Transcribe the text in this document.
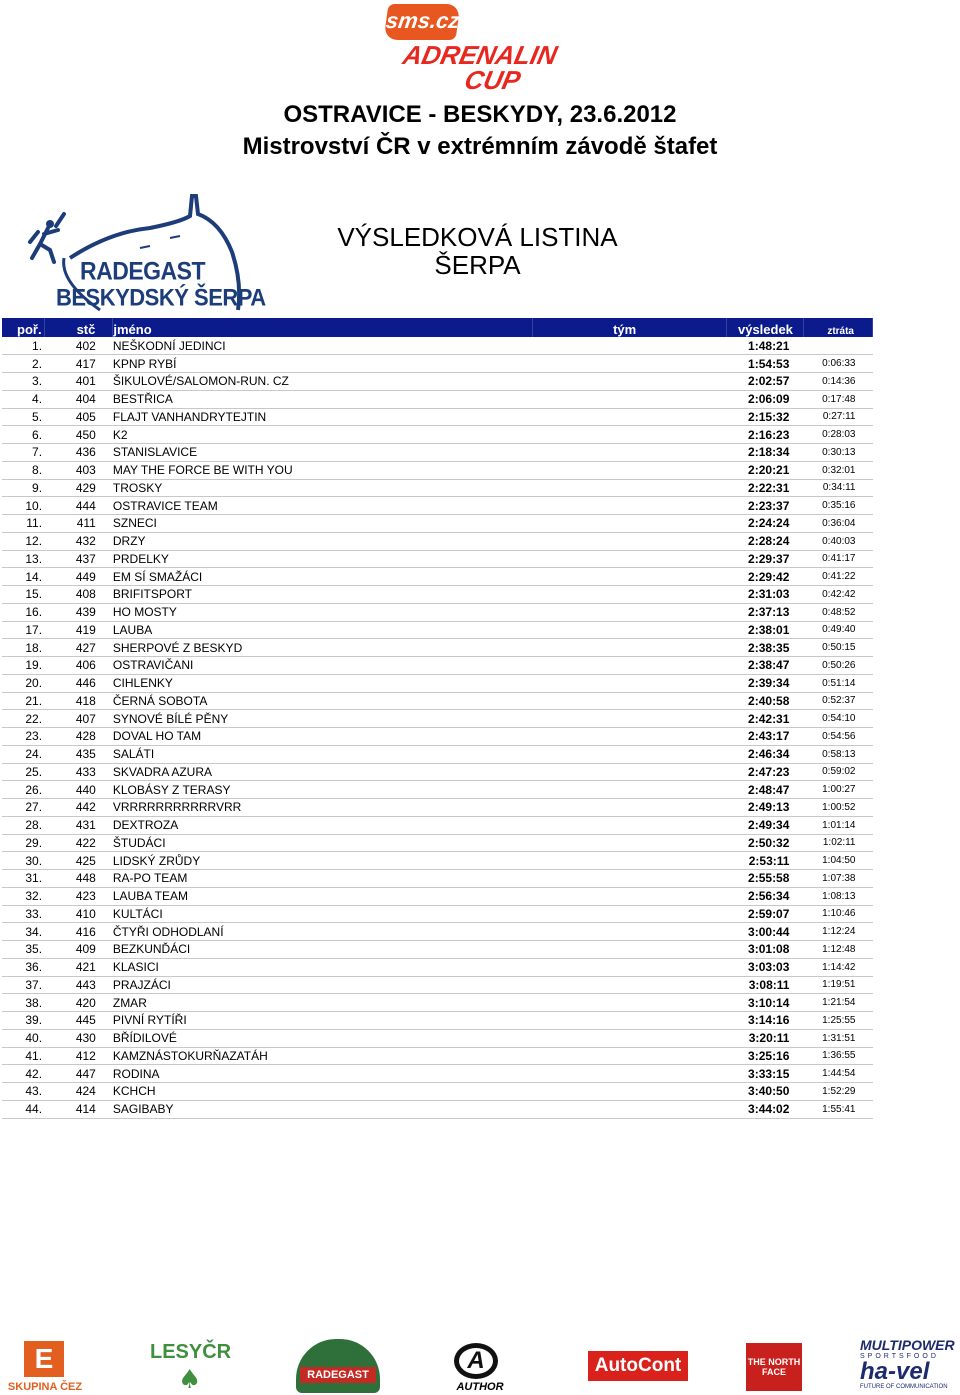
sms.cz
ADRENALIN
CUP
OSTRAVICE - BESKYDY, 23.6.2012
Mistrovství ČR v extrémním závodě štafet
RADEGAST
BESKYDSKÝ ŠERPA
VÝSLEDKOVÁ LISTINA
ŠERPA
poř.	stč	jméno	tým	výsledek	ztráta
1.	402	NEŠKODNÍ JEDINCI		1:48:21	
2.	417	KPNP RYBÍ		1:54:53	0:06:33
3.	401	ŠIKULOVÉ/SALOMON-RUN. CZ		2:02:57	0:14:36
4.	404	BESTŘICA		2:06:09	0:17:48
5.	405	FLAJT VANHANDRYTEJTIN		2:15:32	0:27:11
6.	450	K2		2:16:23	0:28:03
7.	436	STANISLAVICE		2:18:34	0:30:13
8.	403	MAY THE FORCE BE WITH YOU		2:20:21	0:32:01
9.	429	TROSKY		2:22:31	0:34:11
10.	444	OSTRAVICE TEAM		2:23:37	0:35:16
11.	411	SZNECI		2:24:24	0:36:04
12.	432	DRZY		2:28:24	0:40:03
13.	437	PRDELKY		2:29:37	0:41:17
14.	449	EM SÍ SMAŽÁCI		2:29:42	0:41:22
15.	408	BRIFITSPORT		2:31:03	0:42:42
16.	439	HO MOSTY		2:37:13	0:48:52
17.	419	LAUBA		2:38:01	0:49:40
18.	427	SHERPOVÉ Z BESKYD		2:38:35	0:50:15
19.	406	OSTRAVIČANI		2:38:47	0:50:26
20.	446	CIHLENKY		2:39:34	0:51:14
21.	418	ČERNÁ SOBOTA		2:40:58	0:52:37
22.	407	SYNOVÉ BÍLÉ PĚNY		2:42:31	0:54:10
23.	428	DOVAL HO TAM		2:43:17	0:54:56
24.	435	SALÁTI		2:46:34	0:58:13
25.	433	SKVADRA AZURA		2:47:23	0:59:02
26.	440	KLOBÁSY Z TERASY		2:48:47	1:00:27
27.	442	VRRRRRRRRRRRVRR		2:49:13	1:00:52
28.	431	DEXTROZA		2:49:34	1:01:14
29.	422	ŠTUDÁCI		2:50:32	1:02:11
30.	425	LIDSKÝ ZRŮDY		2:53:11	1:04:50
31.	448	RA-PO TEAM		2:55:58	1:07:38
32.	423	LAUBA TEAM		2:56:34	1:08:13
33.	410	KULTÁCI		2:59:07	1:10:46
34.	416	ČTYŘI ODHODLANÍ		3:00:44	1:12:24
35.	409	BEZKUNĎÁCI		3:01:08	1:12:48
36.	421	KLASICI		3:03:03	1:14:42
37.	443	PRAJZÁCI		3:08:11	1:19:51
38.	420	ZMAR		3:10:14	1:21:54
39.	445	PIVNÍ RYTÍŘI		3:14:16	1:25:55
40.	430	BŘÍDILOVÉ		3:20:11	1:31:51
41.	412	KAMZNÁSTOKURŇAZATÁH		3:25:16	1:36:55
42.	447	RODINA		3:33:15	1:44:54
43.	424	KCHCH		3:40:50	1:52:29
44.	414	SAGIBABY		3:44:02	1:55:41
E
SKUPINA ČEZ
LESYČR
♠	RADEGAST
A
AUTHOR
AutoCont	THE NORTH FACE
MULTIPOWER
SPORTSFOOD
ha-vel
FUTURE OF COMMUNICATION
